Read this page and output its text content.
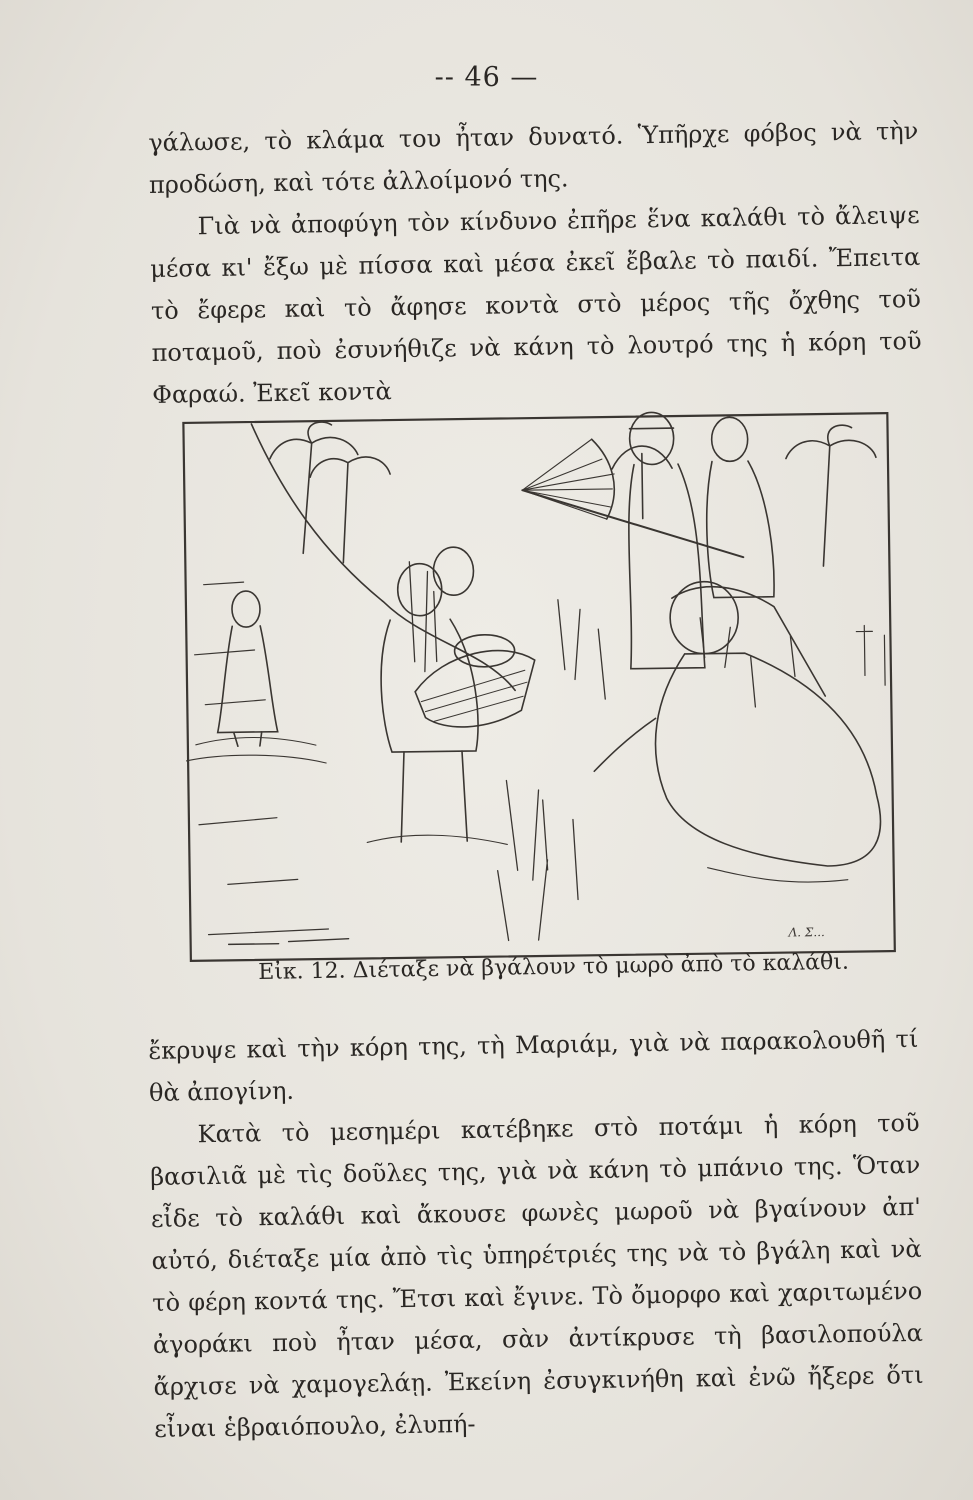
-- 46 —

γάλωσε, τὸ κλάμα του ἦταν δυνατό. Ὑπῆρχε φόβος νὰ τὴν προδώση, καὶ τότε ἀλλοίμονό της.

Γιὰ νὰ ἀποφύγη τὸν κίνδυνο ἐπῆρε ἕνα καλάθι τὸ ἄλειψε μέσα κι' ἔξω μὲ πίσσα καὶ μέσα ἐκεῖ ἔβαλε τὸ παιδί. Ἔπειτα τὸ ἔφερε καὶ τὸ ἄφησε κοντὰ στὸ μέρος τῆς ὄχθης τοῦ ποταμοῦ, ποὺ ἐσυνήθιζε νὰ κάνη τὸ λουτρό της ἡ κόρη τοῦ Φαραώ. Ἐκεῖ κοντὰ

Λ. Σ...
Εἰκ. 12. Διέταξε νὰ βγάλουν τὸ μωρὸ ἀπὸ τὸ καλάθι.

ἔκρυψε καὶ τὴν κόρη της, τὴ Μαριάμ, γιὰ νὰ παρακολουθῆ τί θὰ ἀπογίνη.

Κατὰ τὸ μεσημέρι κατέβηκε στὸ ποτάμι ἡ κόρη τοῦ βασιλιᾶ μὲ τὶς δοῦλες της, γιὰ νὰ κάνη τὸ μπάνιο της. Ὅταν εἶδε τὸ καλάθι καὶ ἄκουσε φωνὲς μωροῦ νὰ βγαίνουν ἀπ' αὐτό, διέταξε μία ἀπὸ τὶς ὑπηρέτριές της νὰ τὸ βγάλη καὶ νὰ τὸ φέρη κοντά της. Ἔτσι καὶ ἔγινε. Τὸ ὄμορφο καὶ χαριτωμένο ἀγοράκι ποὺ ἦταν μέσα, σὰν ἀντίκρυσε τὴ βασιλοπούλα ἄρχισε νὰ χαμογελάῃ. Ἐκείνη ἐσυγκινήθη καὶ ἐνῶ ἤξερε ὅτι εἶναι ἑβραιόπουλο, ἐλυπή-
